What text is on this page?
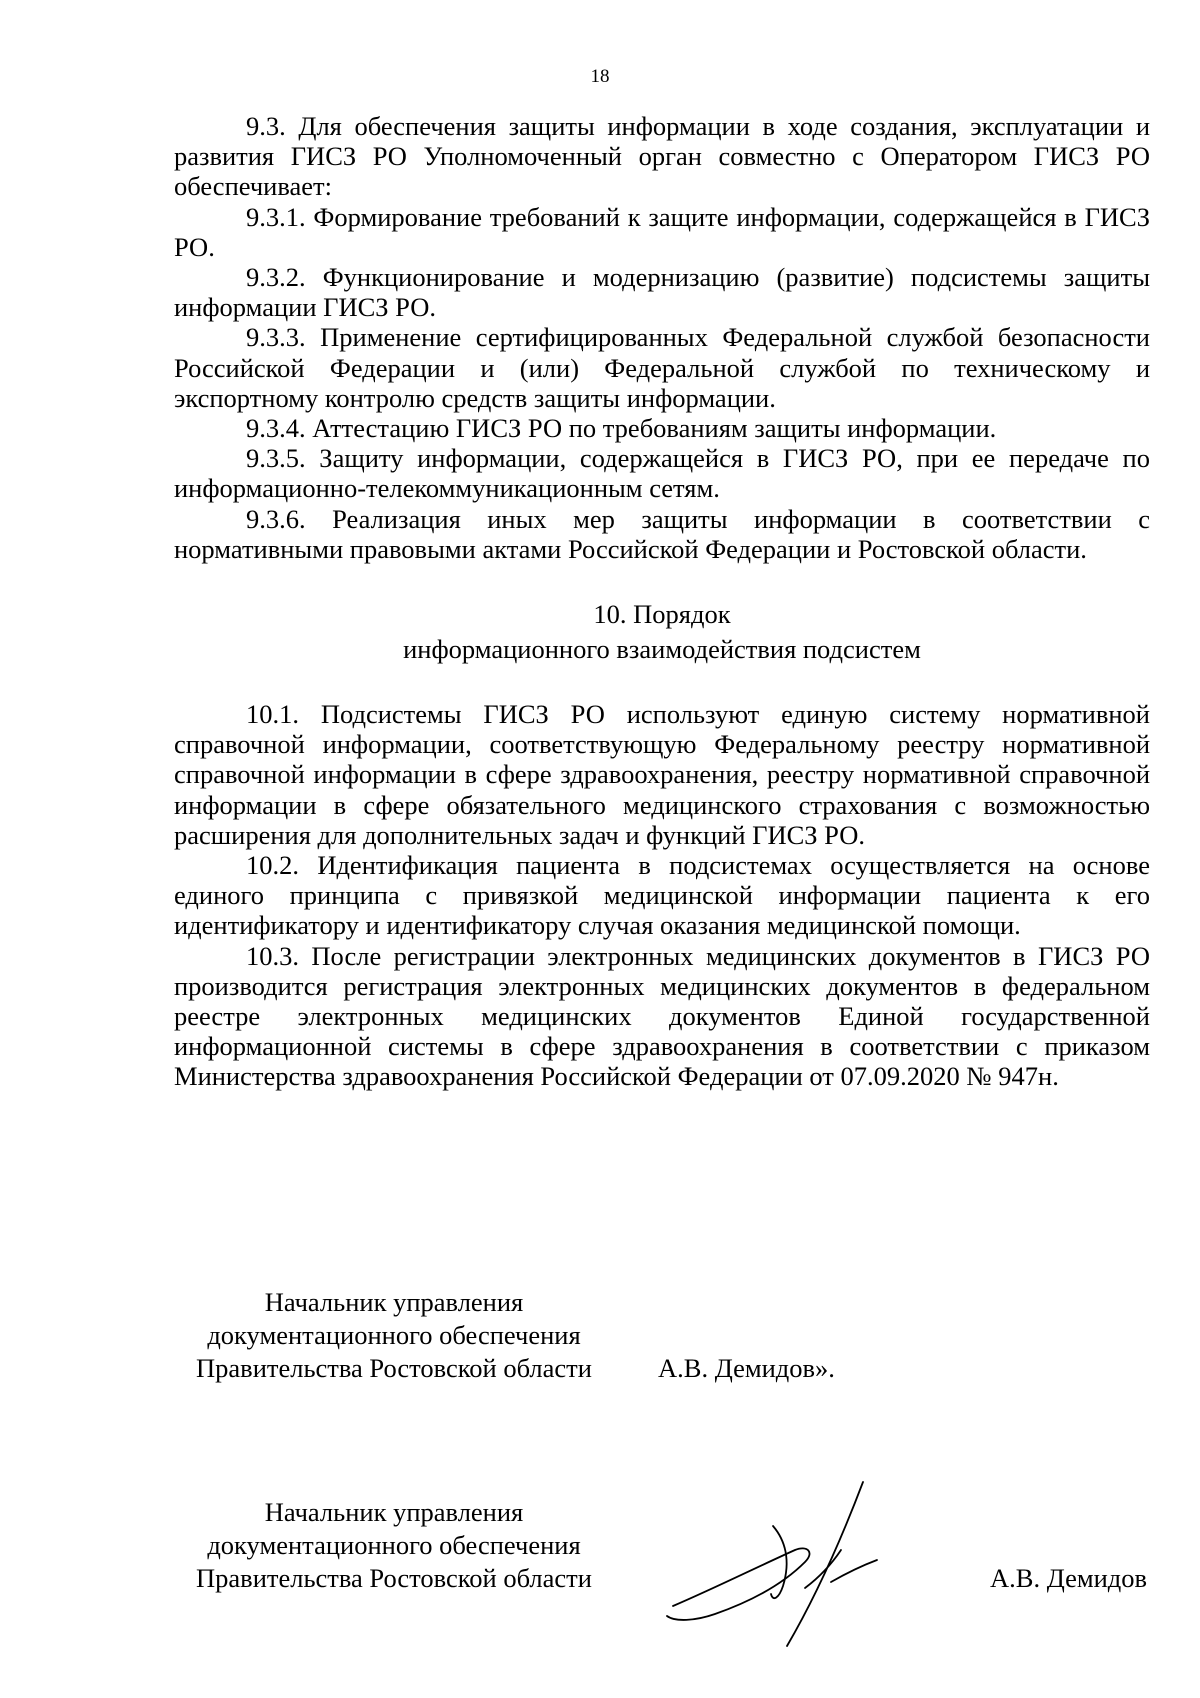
18

9.3. Для обеспечения защиты информации в ходе создания, эксплуатации и развития ГИСЗ РО Уполномоченный орган совместно с Оператором ГИСЗ РО обеспечивает:

9.3.1. Формирование требований к защите информации, содержащейся в ГИСЗ РО.

9.3.2. Функционирование и модернизацию (развитие) подсистемы защиты информации ГИСЗ РО.

9.3.3. Применение сертифицированных Федеральной службой безопасности Российской Федерации и (или) Федеральной службой по техническому и экспортному контролю средств защиты информации.

9.3.4. Аттестацию ГИСЗ РО по требованиям защиты информации.

9.3.5. Защиту информации, содержащейся в ГИСЗ РО, при ее передаче по информационно-телекоммуникационным сетям.

9.3.6. Реализация иных мер защиты информации в соответствии с нормативными правовыми актами Российской Федерации и Ростовской области.

10. Порядок
информационного взаимодействия подсистем

10.1. Подсистемы ГИСЗ РО используют единую систему нормативной справочной информации, соответствующую Федеральному реестру нормативной справочной информации в сфере здравоохранения, реестру нормативной справочной информации в сфере обязательного медицинского страхования с возможностью расширения для дополнительных задач и функций ГИСЗ РО.

10.2. Идентификация пациента в подсистемах осуществляется на основе единого принципа с привязкой медицинской информации пациента к его идентификатору и идентификатору случая оказания медицинской помощи.

10.3. После регистрации электронных медицинских документов в ГИСЗ РО производится регистрация электронных медицинских документов в федеральном реестре электронных медицинских документов Единой государственной информационной системы в сфере здравоохранения в соответствии с приказом Министерства здравоохранения Российской Федерации от 07.09.2020 № 947н.

Начальник управления
документационного обеспечения
Правительства Ростовской области	А.В. Демидов».
Начальник управления
документационного обеспечения
Правительства Ростовской области	А.В. Демидов
